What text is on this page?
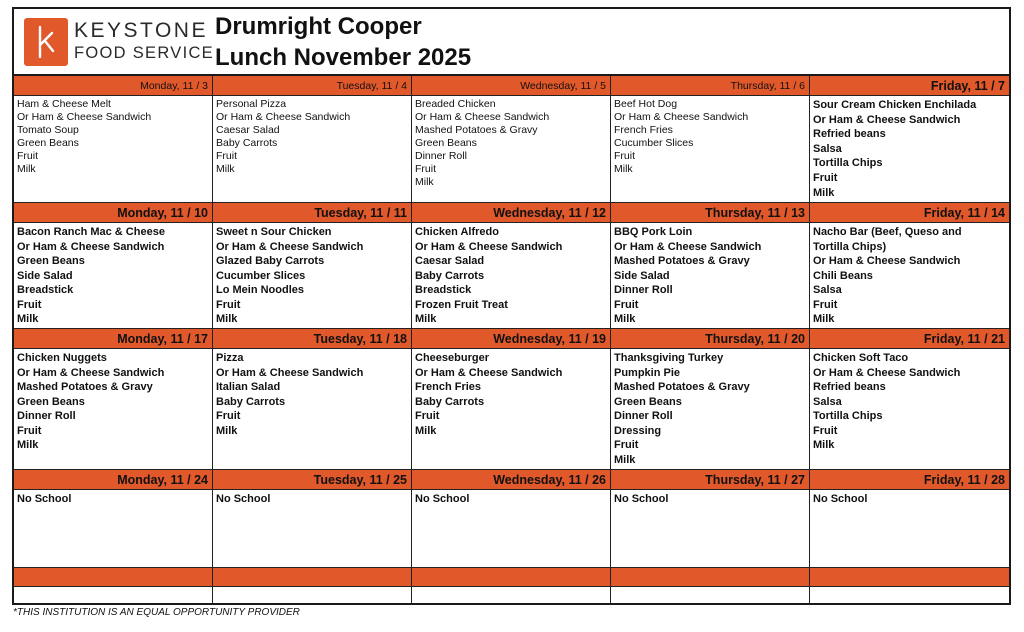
KEYSTONE
FOOD SERVICE
Drumright Cooper
Lunch November 2025
Monday, 11 / 3
Ham & Cheese Melt
Or Ham & Cheese Sandwich
Tomato Soup
Green Beans
Fruit
Milk
Tuesday, 11 / 4
Personal Pizza
Or Ham & Cheese Sandwich
Caesar Salad
Baby Carrots
Fruit
Milk
Wednesday, 11 / 5
Breaded Chicken
Or Ham & Cheese Sandwich
Mashed Potatoes & Gravy
Green Beans
Dinner Roll
Fruit
Milk
Thursday, 11 / 6
Beef Hot Dog
Or Ham & Cheese Sandwich
French Fries
Cucumber Slices
Fruit
Milk
Friday, 11 / 7
Sour Cream Chicken Enchilada
Or Ham & Cheese Sandwich
Refried beans
Salsa
Tortilla Chips
Fruit
Milk
Monday, 11 / 10
Bacon Ranch Mac & Cheese
Or Ham & Cheese Sandwich
Green Beans
Side Salad
Breadstick
Fruit
Milk
Tuesday, 11 / 11
Sweet n Sour Chicken
Or Ham & Cheese Sandwich
Glazed Baby Carrots
Cucumber Slices
Lo Mein Noodles
Fruit
Milk
Wednesday, 11 / 12
Chicken Alfredo
Or Ham & Cheese Sandwich
Caesar Salad
Baby Carrots
Breadstick
Frozen Fruit Treat
Milk
Thursday, 11 / 13
BBQ Pork Loin
Or Ham & Cheese Sandwich
Mashed Potatoes & Gravy
Side Salad
Dinner Roll
Fruit
Milk
Friday, 11 / 14
Nacho Bar (Beef, Queso and
Tortilla Chips)
Or Ham & Cheese Sandwich
Chili Beans
Salsa
Fruit
Milk
Monday, 11 / 17
Chicken Nuggets
Or Ham & Cheese Sandwich
Mashed Potatoes & Gravy
Green Beans
Dinner Roll
Fruit
Milk
Tuesday, 11 / 18
Pizza
Or Ham & Cheese Sandwich
Italian Salad
Baby Carrots
Fruit
Milk
Wednesday, 11 / 19
Cheeseburger
Or Ham & Cheese Sandwich
French Fries
Baby Carrots
Fruit
Milk
Thursday, 11 / 20
Thanksgiving Turkey
Pumpkin Pie
Mashed Potatoes & Gravy
Green Beans
Dinner Roll
Dressing
Fruit
Milk
Friday, 11 / 21
Chicken Soft Taco
Or Ham & Cheese Sandwich
Refried beans
Salsa
Tortilla Chips
Fruit
Milk
Monday, 11 / 24
No School
Tuesday, 11 / 25
No School
Wednesday, 11 / 26
No School
Thursday, 11 / 27
No School
Friday, 11 / 28
No School
*THIS INSTITUTION IS AN EQUAL OPPORTUNITY PROVIDER
